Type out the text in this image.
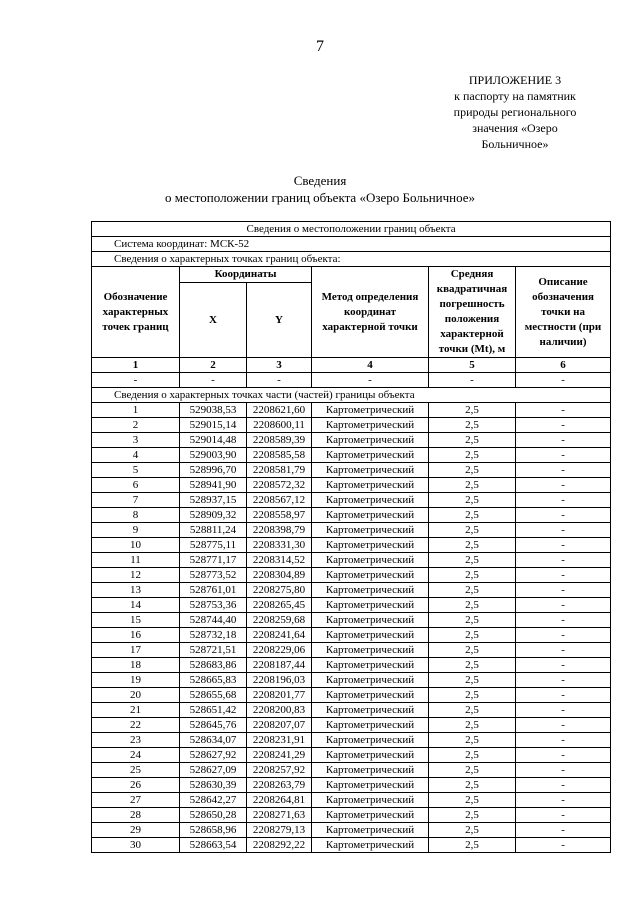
7
ПРИЛОЖЕНИЕ 3
к паспорту на памятник
природы регионального
значения «Озеро
Больничное»
Сведения
о местоположении границ объекта «Озеро Больничное»
Сведения о местоположении границ объекта					
Система координат: МСК-52					
Сведения о характерных точках границ объекта:					
Обозначение характерных точек границ	Координаты		Метод определения координат характерной точки	Средняя квадратичная погрешность положения характерной точки (Mt), м	Описание обозначения точки на местности (при наличии)
	X	Y			
1	2	3	4	5	6
-	-	-	-	-	-
Сведения о характерных точках части (частей) границы объекта					
1	529038,53	2208621,60	Картометрический	2,5	-
2	529015,14	2208600,11	Картометрический	2,5	-
3	529014,48	2208589,39	Картометрический	2,5	-
4	529003,90	2208585,58	Картометрический	2,5	-
5	528996,70	2208581,79	Картометрический	2,5	-
6	528941,90	2208572,32	Картометрический	2,5	-
7	528937,15	2208567,12	Картометрический	2,5	-
8	528909,32	2208558,97	Картометрический	2,5	-
9	528811,24	2208398,79	Картометрический	2,5	-
10	528775,11	2208331,30	Картометрический	2,5	-
11	528771,17	2208314,52	Картометрический	2,5	-
12	528773,52	2208304,89	Картометрический	2,5	-
13	528761,01	2208275,80	Картометрический	2,5	-
14	528753,36	2208265,45	Картометрический	2,5	-
15	528744,40	2208259,68	Картометрический	2,5	-
16	528732,18	2208241,64	Картометрический	2,5	-
17	528721,51	2208229,06	Картометрический	2,5	-
18	528683,86	2208187,44	Картометрический	2,5	-
19	528665,83	2208196,03	Картометрический	2,5	-
20	528655,68	2208201,77	Картометрический	2,5	-
21	528651,42	2208200,83	Картометрический	2,5	-
22	528645,76	2208207,07	Картометрический	2,5	-
23	528634,07	2208231,91	Картометрический	2,5	-
24	528627,92	2208241,29	Картометрический	2,5	-
25	528627,09	2208257,92	Картометрический	2,5	-
26	528630,39	2208263,79	Картометрический	2,5	-
27	528642,27	2208264,81	Картометрический	2,5	-
28	528650,28	2208271,63	Картометрический	2,5	-
29	528658,96	2208279,13	Картометрический	2,5	-
30	528663,54	2208292,22	Картометрический	2,5	-
